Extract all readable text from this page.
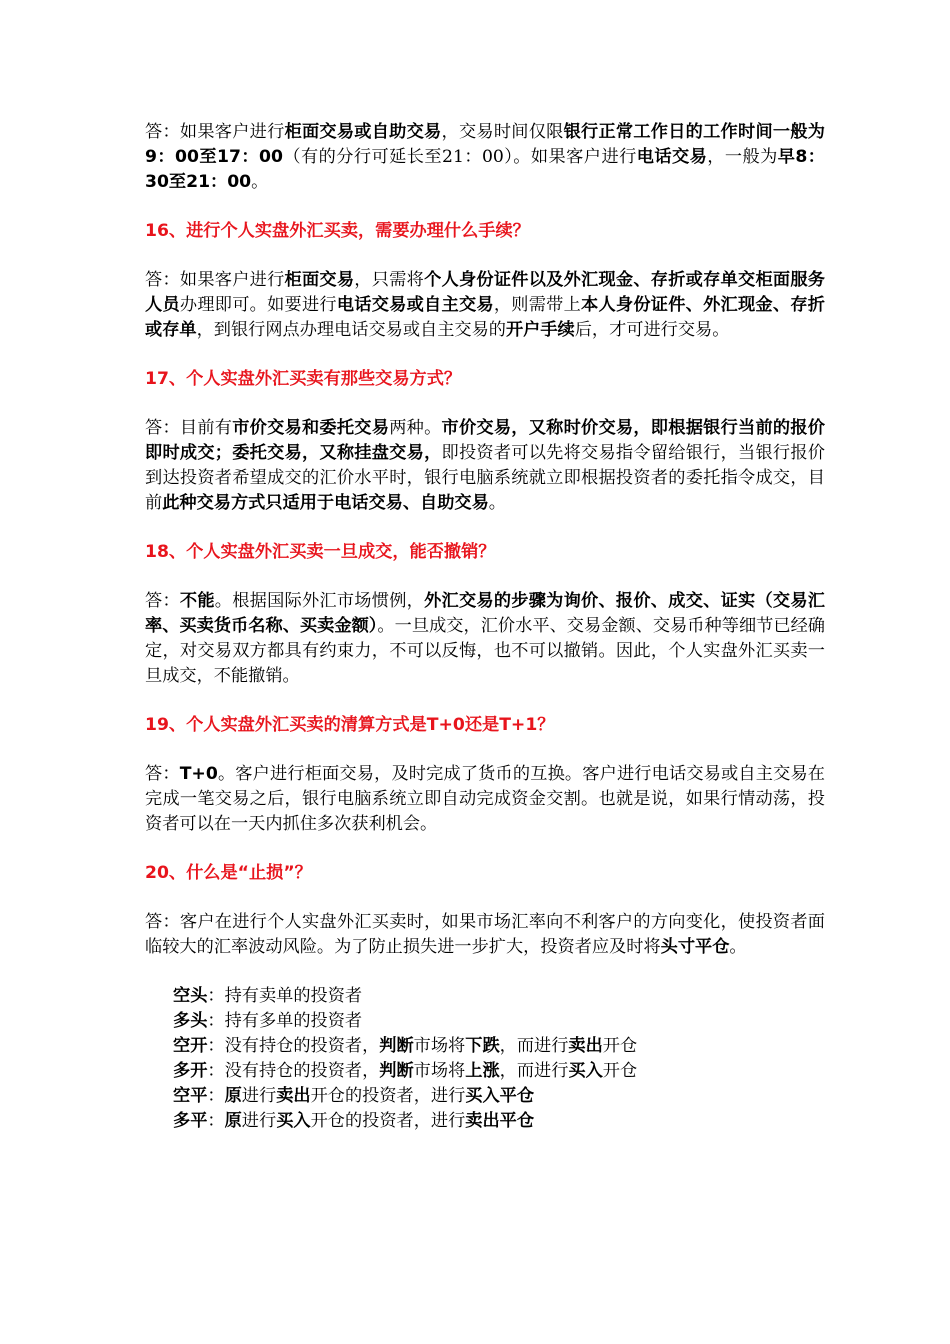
答：如果客户进行柜面交易或自助交易，交易时间仅限银行正常工作日的工作时间一般为9：00至17：00（有的分行可延长至21：00）。如果客户进行电话交易，一般为早8：30至21：00。

16、进行个人实盘外汇买卖，需要办理什么手续？

答：如果客户进行柜面交易，只需将个人身份证件以及外汇现金、存折或存单交柜面服务人员办理即可。如要进行电话交易或自主交易，则需带上本人身份证件、外汇现金、存折或存单，到银行网点办理电话交易或自主交易的开户手续后，才可进行交易。

17、个人实盘外汇买卖有那些交易方式？

答：目前有市价交易和委托交易两种。市价交易，又称时价交易，即根据银行当前的报价即时成交；委托交易，又称挂盘交易，即投资者可以先将交易指令留给银行，当银行报价到达投资者希望成交的汇价水平时，银行电脑系统就立即根据投资者的委托指令成交，目前此种交易方式只适用于电话交易、自助交易。

18、个人实盘外汇买卖一旦成交，能否撤销？

答：不能。根据国际外汇市场惯例，外汇交易的步骤为询价、报价、成交、证实（交易汇率、买卖货币名称、买卖金额）。一旦成交，汇价水平、交易金额、交易币种等细节已经确定，对交易双方都具有约束力，不可以反悔，也不可以撤销。因此，个人实盘外汇买卖一旦成交，不能撤销。

19、个人实盘外汇买卖的清算方式是T+0还是T+1？

答：T+0。客户进行柜面交易，及时完成了货币的互换。客户进行电话交易或自主交易在完成一笔交易之后，银行电脑系统立即自动完成资金交割。也就是说，如果行情动荡，投资者可以在一天内抓住多次获利机会。

20、什么是“止损”？

答：客户在进行个人实盘外汇买卖时，如果市场汇率向不利客户的方向变化，使投资者面临较大的汇率波动风险。为了防止损失进一步扩大，投资者应及时将头寸平仓。

空头：持有卖单的投资者
多头：持有多单的投资者
空开：没有持仓的投资者，判断市场将下跌，而进行卖出开仓
多开：没有持仓的投资者，判断市场将上涨，而进行买入开仓
空平：原进行卖出开仓的投资者，进行买入平仓
多平：原进行买入开仓的投资者，进行卖出平仓
